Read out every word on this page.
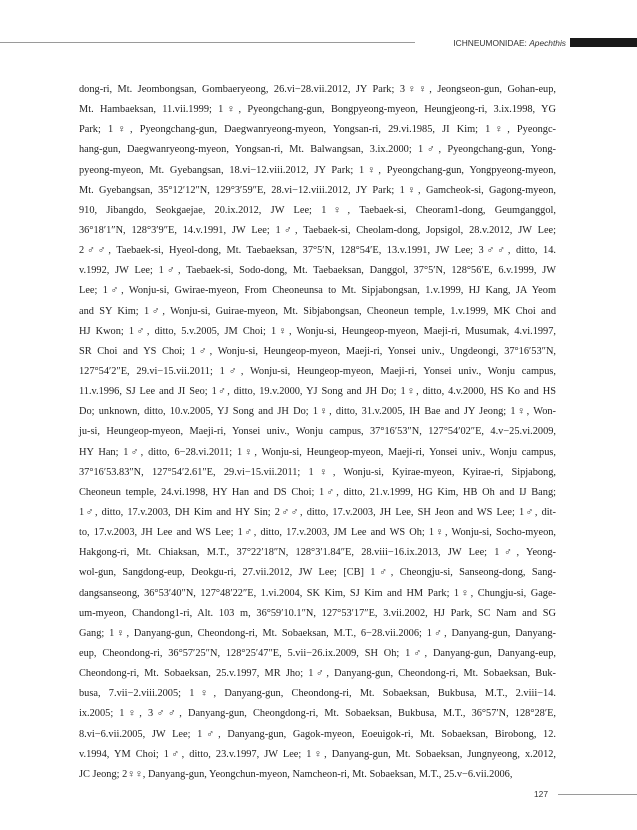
ICHNEUMONIDAE: Apechthis
dong-ri, Mt. Jeombongsan, Gombaeryeong, 26.vi−28.vii.2012, JY Park; 3♀♀, Jeongseon-gun, Gohan-eup,
Mt. Hambaeksan, 11.vii.1999; 1♀, Pyeongchang-gun, Bongpyeong-myeon, Heungjeong-ri, 3.ix.1998, YG
Park; 1♀, Pyeongchang-gun, Daegwanryeong-myeon, Yongsan-ri, 29.vi.1985, JI Kim; 1♀, Pyeongc-
hang-gun, Daegwanryeong-myeon, Yongsan-ri, Mt. Balwangsan, 3.ix.2000; 1♂, Pyeongchang-gun, Yong-
pyeong-myeon, Mt. Gyebangsan, 18.vi−12.viii.2012, JY Park; 1♀, Pyeongchang-gun, Yongpyeong-myeon,
Mt. Gyebangsan, 35°12′12″N, 129°3′59″E, 28.vi−12.viii.2012, JY Park; 1♀, Gamcheok-si, Gagong-myeon,
910, Jibangdo, Seokgaejae, 20.ix.2012, JW Lee; 1♀, Taebaek-si, Cheoram1-dong, Geumganggol,
36°18′1″N, 128°3′9″E, 14.v.1991, JW Lee; 1♂, Taebaek-si, Cheolam-dong, Jopsigol, 28.v.2012, JW Lee;
2♂♂, Taebaek-si, Hyeol-dong, Mt. Taebaeksan, 37°5′N, 128°54′E, 13.v.1991, JW Lee; 3♂♂, ditto, 14.
v.1992, JW Lee; 1♂, Taebaek-si, Sodo-dong, Mt. Taebaeksan, Danggol, 37°5′N, 128°56′E, 6.v.1999, JW
Lee; 1♂, Wonju-si, Gwirae-myeon, From Cheoneunsa to Mt. Sipjabongsan, 1.v.1999, HJ Kang, JA Yeom
and SY Kim; 1♂, Wonju-si, Guirae-myeon, Mt. Sibjabongsan, Cheoneun temple, 1.v.1999, MK Choi and
HJ Kwon; 1♂, ditto, 5.v.2005, JM Choi; 1♀, Wonju-si, Heungeop-myeon, Maeji-ri, Musumak, 4.vi.1997,
SR Choi and YS Choi; 1♂, Wonju-si, Heungeop-myeon, Maeji-ri, Yonsei univ., Ungdeongi, 37°16′53″N,
127°54′2″E, 29.vi−15.vii.2011; 1♂, Wonju-si, Heungeop-myeon, Maeji-ri, Yonsei univ., Wonju campus,
11.v.1996, SJ Lee and JI Seo; 1♂, ditto, 19.v.2000, YJ Song and JH Do; 1♀, ditto, 4.v.2000, HS Ko and HS
Do; unknown, ditto, 10.v.2005, YJ Song and JH Do; 1♀, ditto, 31.v.2005, IH Bae and JY Jeong; 1♀, Won-
ju-si, Heungeop-myeon, Maeji-ri, Yonsei univ., Wonju campus, 37°16′53″N, 127°54′02″E, 4.v−25.vi.2009,
HY Han; 1♂, ditto, 6−28.vi.2011; 1♀, Wonju-si, Heungeop-myeon, Maeji-ri, Yonsei univ., Wonju campus,
37°16′53.83″N, 127°54′2.61″E, 29.vi−15.vii.2011; 1♀, Wonju-si, Kyirae-myeon, Kyirae-ri, Sipjabong,
Cheoneun temple, 24.vi.1998, HY Han and DS Choi; 1♂, ditto, 21.v.1999, HG Kim, HB Oh and IJ Bang;
1♂, ditto, 17.v.2003, DH Kim and HY Sin; 2♂♂, ditto, 17.v.2003, JH Lee, SH Jeon and WS Lee; 1♂, dit-
to, 17.v.2003, JH Lee and WS Lee; 1♂, ditto, 17.v.2003, JM Lee and WS Oh; 1♀, Wonju-si, Socho-myeon,
Hakgong-ri, Mt. Chiaksan, M.T., 37°22′18″N, 128°3′1.84″E, 28.viii−16.ix.2013, JW Lee; 1♂, Yeong-
wol-gun, Sangdong-eup, Deokgu-ri, 27.vii.2012, JW Lee; [CB] 1♂, Cheongju-si, Sanseong-dong, Sang-
dangsanseong, 36°53′40″N, 127°48′22″E, 1.vi.2004, SK Kim, SJ Kim and HM Park; 1♀, Chungju-si, Gage-
um-myeon, Chandong1-ri, Alt. 103 m, 36°59′10.1″N, 127°53′17″E, 3.vii.2002, HJ Park, SC Nam and SG
Gang; 1♀, Danyang-gun, Cheondong-ri, Mt. Sobaeksan, M.T., 6−28.vii.2006; 1♂, Danyang-gun, Danyang-
eup, Cheondong-ri, 36°57′25″N, 128°25′47″E, 5.vii−26.ix.2009, SH Oh; 1♂, Danyang-gun, Danyang-eup,
Cheondong-ri, Mt. Sobaeksan, 25.v.1997, MR Jho; 1♂, Danyang-gun, Cheondong-ri, Mt. Sobaeksan, Buk-
busa, 7.vii−2.viii.2005; 1♀, Danyang-gun, Cheondong-ri, Mt. Sobaeksan, Bukbusa, M.T., 2.viii−14.
ix.2005; 1♀, 3♂♂, Danyang-gun, Cheongdong-ri, Mt. Sobaeksan, Bukbusa, M.T., 36°57′N, 128°28′E,
8.vi−6.vii.2005, JW Lee; 1♂, Danyang-gun, Gagok-myeon, Eoeuigok-ri, Mt. Sobaeksan, Birobong, 12.
v.1994, YM Choi; 1♂, ditto, 23.v.1997, JW Lee; 1♀, Danyang-gun, Mt. Sobaeksan, Jungnyeong, x.2012,
JC Jeong; 2♀♀, Danyang-gun, Yeongchun-myeon, Namcheon-ri, Mt. Sobaeksan, M.T., 25.v−6.vii.2006,
127
